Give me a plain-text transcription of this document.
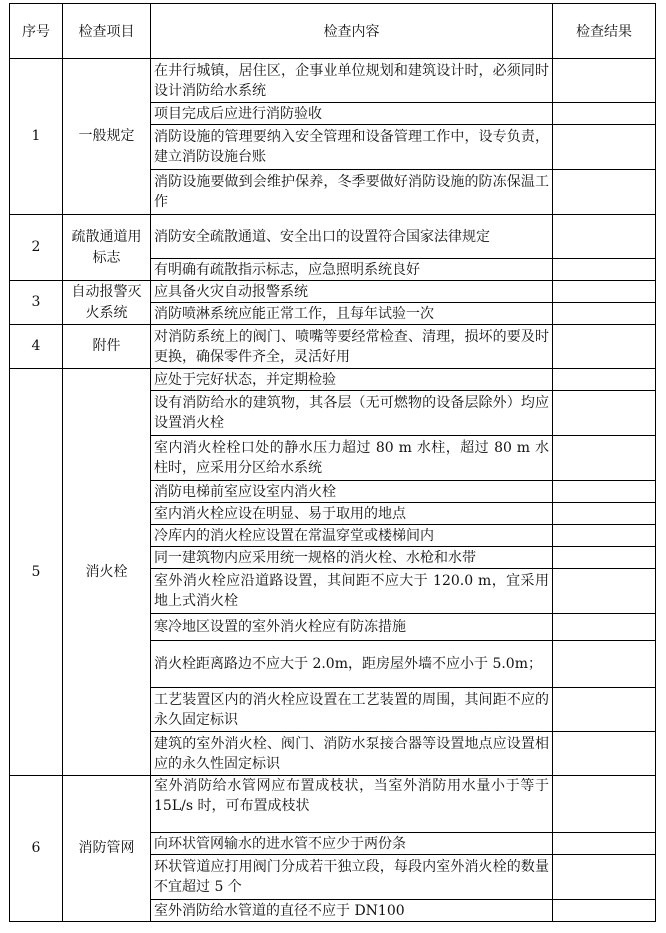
序号	检查项目	检查内容	检查结果
1	一般规定	在井行城镇，居住区，企事业单位规划和建筑设计时，必须同时设计消防给水系统	
		项目完成后应进行消防验收	
		消防设施的管理要纳入安全管理和设备管理工作中，设专负责，建立消防设施台账	
		消防设施要做到会维护保养，冬季要做好消防设施的防冻保温工作	
2	疏散通道用标志	消防安全疏散通道、安全出口的设置符合国家法律规定	
		有明确有疏散指示标志，应急照明系统良好	
3	自动报警灭火系统	应具备火灾自动报警系统	
		消防喷淋系统应能正常工作，且每年试验一次	
4	附件	对消防系统上的阀门、喷嘴等要经常检查、清理，损坏的要及时更换，确保零件齐全，灵活好用	
5	消火栓	应处于完好状态，并定期检验	
		设有消防给水的建筑物，其各层（无可燃物的设备层除外）均应设置消火栓	
		室内消火栓栓口处的静水压力超过 80 m 水柱，超过 80 m 水柱时，应采用分区给水系统	
		消防电梯前室应设室内消火栓	
		室内消火栓应设在明显、易于取用的地点	
		冷库内的消火栓应设置在常温穿堂或楼梯间内	
		同一建筑物内应采用统一规格的消火栓、水枪和水带	
		室外消火栓应沿道路设置，其间距不应大于 120.0 m，宜采用地上式消火栓	
		寒冷地区设置的室外消火栓应有防冻措施	
		消火栓距离路边不应大于 2.0m，距房屋外墙不应小于 5.0m；	
		工艺装置区内的消火栓应设置在工艺装置的周围，其间距不应的永久固定标识	
		建筑的室外消火栓、阀门、消防水泵接合器等设置地点应设置相应的永久性固定标识	
6	消防管网	室外消防给水管网应布置成枝状，当室外消防用水量小于等于 15L/s 时，可布置成枝状	
		向环状管网输水的进水管不应少于两份条	
		环状管道应打用阀门分成若干独立段，每段内室外消火栓的数量不宜超过 5 个	
		室外消防给水管道的直径不应于 DN100	
